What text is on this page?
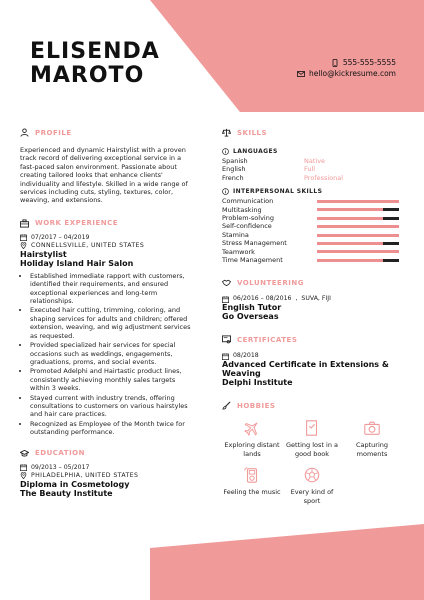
ELISENDA
MAROTO
555-555-5555
hello@kickresume.com
PROFILE

Experienced and dynamic Hairstylist with a proven track record of delivering exceptional service in a fast-paced salon environment. Passionate about creating tailored looks that enhance clients' individuality and lifestyle. Skilled in a wide range of services including cuts, styling, textures, color, weaving, and extensions.

WORK EXPERIENCE
07/2017 – 04/2019
CONNELLSVILLE, UNITED STATES
Hairstylist
Holiday Island Hair Salon
• Established immediate rapport with customers, identified their requirements, and ensured exceptional experiences and long-term relationships.
• Executed hair cutting, trimming, coloring, and shaping services for adults and children; offered extension, weaving, and wig adjustment services as requested.
• Provided specialized hair services for special occasions such as weddings, engagements, graduations, proms, and social events.
• Promoted Adelphi and Hairtastic product lines, consistently achieving monthly sales targets within 3 weeks.
• Stayed current with industry trends, offering consultations to customers on various hairstyles and hair care practices.
• Recognized as Employee of the Month twice for outstanding performance.
EDUCATION
09/2013 – 05/2017
PHILADELPHIA, UNITED STATES
Diploma in Cosmetology
The Beauty Institute
SKILLS
LANGUAGES
Spanish	Native
English	Full
French	Professional
INTERPERSONAL SKILLS
Communication
Multitasking
Problem-solving
Self-confidence
Stamina
Stress Management
Teamwork
Time Management
VOLUNTEERING
06/2016 – 08/2016 , SUVA, FIJI
English Tutor
Go Overseas
CERTIFICATES
08/2018
Advanced Certificate in Extensions & Weaving
Delphi Institute
HOBBIES
Exploring distant lands
Getting lost in a good book
Capturing moments
Feeling the music	Every kind of sport
